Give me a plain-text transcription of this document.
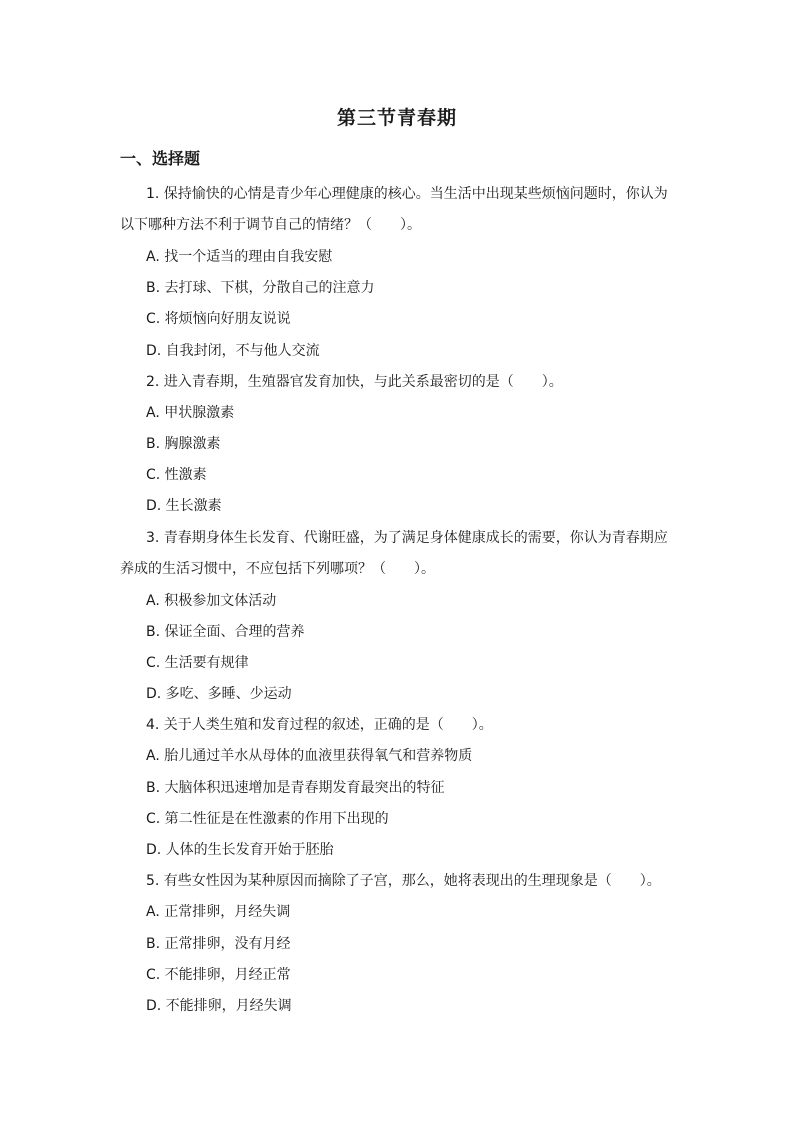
第三节青春期
一、选择题
1. 保持愉快的心情是青少年心理健康的核心。当生活中出现某些烦恼问题时，你认为
以下哪种方法不利于调节自己的情绪？（　　）。
A. 找一个适当的理由自我安慰
B. 去打球、下棋，分散自己的注意力
C. 将烦恼向好朋友说说
D. 自我封闭，不与他人交流
2. 进入青春期，生殖器官发育加快，与此关系最密切的是（　　）。
A. 甲状腺激素
B. 胸腺激素
C. 性激素
D. 生长激素
3. 青春期身体生长发育、代谢旺盛，为了满足身体健康成长的需要，你认为青春期应
养成的生活习惯中，不应包括下列哪项？（　　）。
A. 积极参加文体活动
B. 保证全面、合理的营养
C. 生活要有规律
D. 多吃、多睡、少运动
4. 关于人类生殖和发育过程的叙述，正确的是（　　）。
A. 胎儿通过羊水从母体的血液里获得氧气和营养物质
B. 大脑体积迅速增加是青春期发育最突出的特征
C. 第二性征是在性激素的作用下出现的
D. 人体的生长发育开始于胚胎
5. 有些女性因为某种原因而摘除了子宫，那么，她将表现出的生理现象是（　　）。
A. 正常排卵，月经失调
B. 正常排卵，没有月经
C. 不能排卵，月经正常
D. 不能排卵，月经失调
